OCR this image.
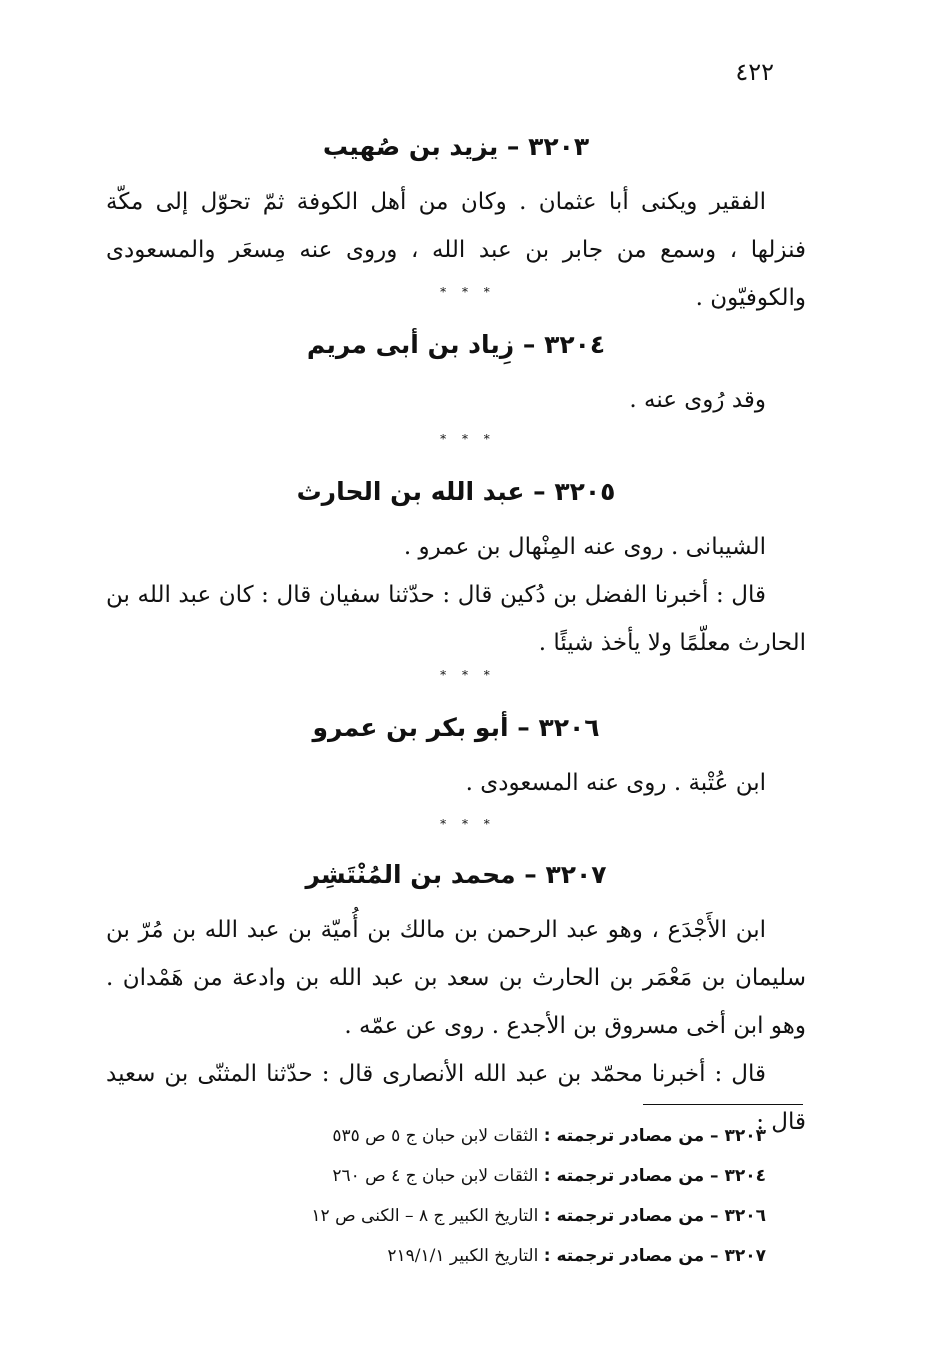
٤٢٢
٣٢٠٣ – يزيد بن صُهيب

الفقير ويكنى أبا عثمان . وكان من أهل الكوفة ثمّ تحوّل إلى مكّة فنزلها ، وسمع من جابر بن عبد الله ، وروى عنه مِسعَر والمسعودى والكوفيّون .

* * *
٣٢٠٤ – زِياد بن أبى مريم

وقد رُوى عنه .

* * *
٣٢٠٥ – عبد الله بن الحارث

الشيبانى . روى عنه المِنْهال بن عمرو .

قال : أخبرنا الفضل بن دُكين قال : حدّثنا سفيان قال : كان عبد الله بن الحارث معلّمًا ولا يأخذ شيئًا .

* * *
٣٢٠٦ – أبو بكر بن عمرو

ابن عُتْبة . روى عنه المسعودى .

* * *
٣٢٠٧ – محمد بن المُنْتَشِر

ابن الأَجْدَع ، وهو عبد الرحمن بن مالك بن أُميّة بن عبد الله بن مُرّ بن سليمان بن مَعْمَر بن الحارث بن سعد بن عبد الله بن وادعة من هَمْدان . وهو ابن أخى مسروق بن الأجدع . روى عن عمّه .

قال : أخبرنا محمّد بن عبد الله الأنصارى قال : حدّثنا المثنّى بن سعيد قال :

٣٢٠٣ – من مصادر ترجمته : الثقات لابن حبان ج ٥ ص ٥٣٥
٣٢٠٤ – من مصادر ترجمته : الثقات لابن حبان ج ٤ ص ٢٦٠
٣٢٠٦ – من مصادر ترجمته : التاريخ الكبير ج ٨ – الكنى ص ١٢
٣٢٠٧ – من مصادر ترجمته : التاريخ الكبير ٢١٩/١/١
